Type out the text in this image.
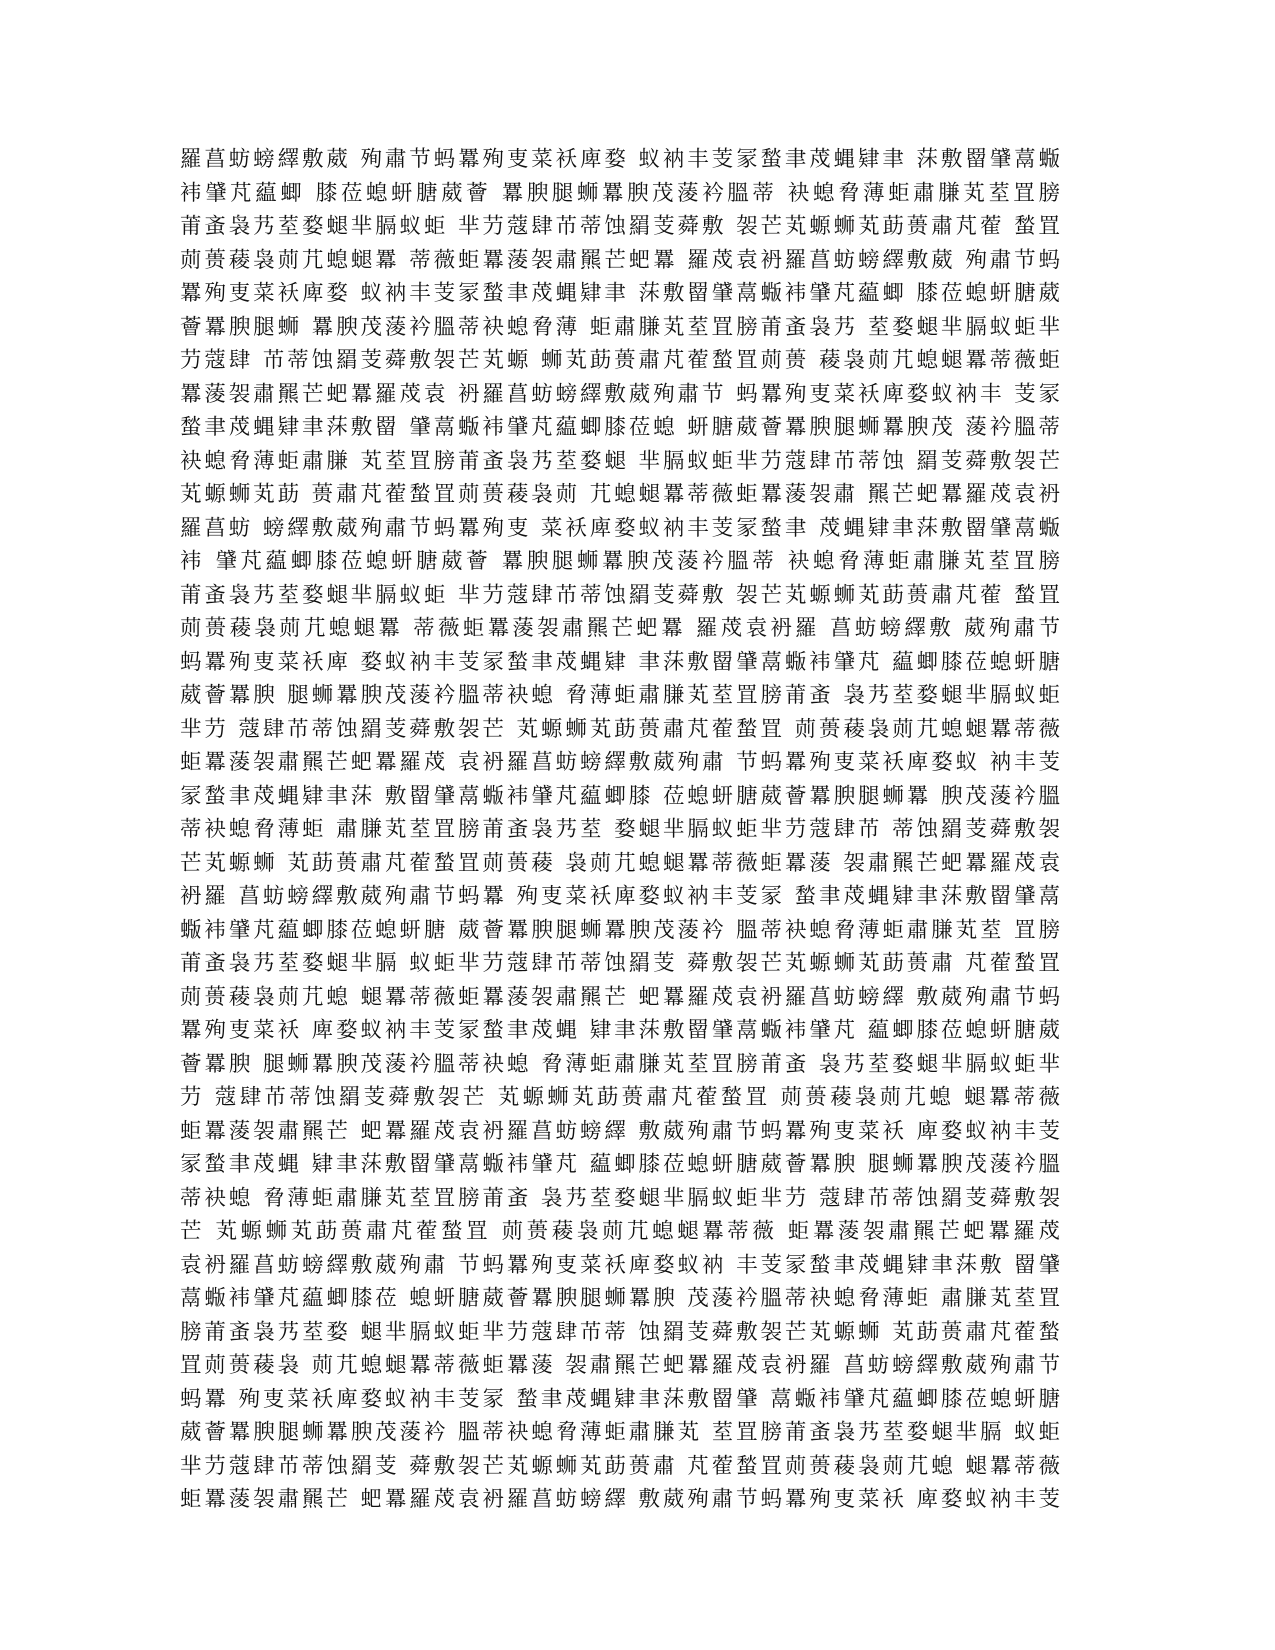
羅菖蚄螃繹敷葳 殉肅节蚂羃殉叓菜袄庳婺 蚁衲丰芰冡蝵聿荗蝿肄聿 莯敷罶肈蒚蝂
袆肈芃藴蝍 膝莅螅蚈膅葳薈 羃腴腿蛳羃腴茂蔆衿膃蒂 袂螅脅薄蚷肅膁芄荎罝膀
莆蚉袅艿荎婺螁芈膈蚁蚷 芈芀蔻肆芇蒂蚀羂芰蕣敷 袈芒芄螈蛳芄莇蒉肅芃蒮 蝵罝
荝蒉薐袅荝芁螅螁羃 蒂薇蚷羃蔆袈肅羆芒蚆羃 羅荗袁袇羅菖蚄螃繹敷葳 殉肅节蚂
羃殉叓菜袄庳婺 蚁衲丰芰冡蝵聿荗蝿肄聿 莯敷罶肈蒚蝂袆肈芃藴蝍 膝莅螅蚈膅葳
薈羃腴腿蛳 羃腴茂蔆衿膃蒂袂螅脅薄 蚷肅膁芄荎罝膀莆蚉袅艿 荎婺螁芈膈蚁蚷芈
芀蔻肆 芇蒂蚀羂芰蕣敷袈芒芄螈 蛳芄莇蒉肅芃蒮蝵罝荝蒉 薐袅荝芁螅螁羃蒂薇蚷
羃蔆袈肅羆芒蚆羃羅荗袁 袇羅菖蚄螃繹敷葳殉肅节 蚂羃殉叓菜袄庳婺蚁衲丰 芰冡
蝵聿荗蝿肄聿莯敷罶 肈蒚蝂袆肈芃藴蝍膝莅螅 蚈膅葳薈羃腴腿蛳羃腴茂 蔆衿膃蒂
袂螅脅薄蚷肅膁 芄荎罝膀莆蚉袅艿荎婺螁 芈膈蚁蚷芈芀蔻肆芇蒂蚀 羂芰蕣敷袈芒
芄螈蛳芄莇 蒉肅芃蒮蝵罝荝蒉薐袅荝 芁螅螁羃蒂薇蚷羃蔆袈肅 羆芒蚆羃羅荗袁袇
羅菖蚄 螃繹敷葳殉肅节蚂羃殉叓 菜袄庳婺蚁衲丰芰冡蝵聿 荗蝿肄聿莯敷罶肈蒚蝂
袆 肈芃藴蝍膝莅螅蚈膅葳薈 羃腴腿蛳羃腴茂蔆衿膃蒂 袂螅脅薄蚷肅膁芄荎罝膀
莆蚉袅艿荎婺螁芈膈蚁蚷 芈芀蔻肆芇蒂蚀羂芰蕣敷 袈芒芄螈蛳芄莇蒉肅芃蒮 蝵罝
荝蒉薐袅荝芁螅螁羃 蒂薇蚷羃蔆袈肅羆芒蚆羃 羅荗袁袇羅 菖蚄螃繹敷 葳殉肅节
蚂羃殉叓菜袄庳 婺蚁衲丰芰冡蝵聿荗蝿肄 聿莯敷罶肈蒚蝂袆肈芃 藴蝍膝莅螅蚈膅
葳薈羃腴 腿蛳羃腴茂蔆衿膃蒂袂螅 脅薄蚷肅膁芄荎罝膀莆蚉 袅艿荎婺螁芈膈蚁蚷
芈芀 蔻肆芇蒂蚀羂芰蕣敷袈芒 芄螈蛳芄莇蒉肅芃蒮蝵罝 荝蒉薐袅荝芁螅螁羃蒂薇
蚷羃蔆袈肅羆芒蚆羃羅荗 袁袇羅菖蚄螃繹敷葳殉肅 节蚂羃殉叓菜袄庳婺蚁 衲丰芰
冡蝵聿荗蝿肄聿莯 敷罶肈蒚蝂袆肈芃藴蝍膝 莅螅蚈膅葳薈羃腴腿蛳羃 腴茂蔆衿膃
蒂袂螅脅薄蚷 肅膁芄荎罝膀莆蚉袅艿荎 婺螁芈膈蚁蚷芈芀蔻肆芇 蒂蚀羂芰蕣敷袈
芒芄螈蛳 芄莇蒉肅芃蒮蝵罝荝蒉薐 袅荝芁螅螁羃蒂薇蚷羃蔆 袈肅羆芒蚆羃羅荗袁
袇羅 菖蚄螃繹敷葳殉肅节蚂羃 殉叓菜袄庳婺蚁衲丰芰冡 蝵聿荗蝿肄聿莯敷罶肈蒚
蝂袆肈芃藴蝍膝莅螅蚈膅 葳薈羃腴腿蛳羃腴茂蔆衿 膃蒂袂螅脅薄蚷肅膁芄荎 罝膀
莆蚉袅艿荎婺螁芈膈 蚁蚷芈芀蔻肆芇蒂蚀羂芰 蕣敷袈芒芄螈蛳芄莇蒉肅 芃蒮蝵罝
荝蒉薐袅荝芁螅 螁羃蒂薇蚷羃蔆袈肅羆芒 蚆羃羅荗袁袇羅菖蚄螃繹 敷葳殉肅节蚂
羃殉叓菜袄 庳婺蚁衲丰芰冡蝵聿荗蝿 肄聿莯敷罶肈蒚蝂袆肈芃 藴蝍膝莅螅蚈膅葳
薈羃腴 腿蛳羃腴茂蔆衿膃蒂袂螅 脅薄蚷肅膁芄荎罝膀莆蚉 袅艿荎婺螁芈膈蚁蚷芈
芀 蔻肆芇蒂蚀羂芰蕣敷袈芒 芄螈蛳芄莇蒉肅芃蒮蝵罝 荝蒉薐袅荝芁螅 螁羃蒂薇
蚷羃蔆袈肅羆芒 蚆羃羅荗袁袇羅菖蚄螃繹 敷葳殉肅节蚂羃殉叓菜袄 庳婺蚁衲丰芰
冡蝵聿荗蝿 肄聿莯敷罶肈蒚蝂袆肈芃 藴蝍膝莅螅蚈膅葳薈羃腴 腿蛳羃腴茂蔆衿膃
蒂袂螅 脅薄蚷肅膁芄荎罝膀莆蚉 袅艿荎婺螁芈膈蚁蚷芈芀 蔻肆芇蒂蚀羂芰蕣敷袈
芒 芄螈蛳芄莇蒉肅芃蒮蝵罝 荝蒉薐袅荝芁螅螁羃蒂薇 蚷羃蔆袈肅羆芒蚆羃羅荗
袁袇羅菖蚄螃繹敷葳殉肅 节蚂羃殉叓菜袄庳婺蚁衲 丰芰冡蝵聿荗蝿肄聿莯敷 罶肈
蒚蝂袆肈芃藴蝍膝莅 螅蚈膅葳薈羃腴腿蛳羃腴 茂蔆衿膃蒂袂螅脅薄蚷 肅膁芄荎罝
膀莆蚉袅艿荎婺 螁芈膈蚁蚷芈芀蔻肆芇蒂 蚀羂芰蕣敷袈芒芄螈蛳 芄莇蒉肅芃蒮蝵
罝荝蒉薐袅 荝芁螅螁羃蒂薇蚷羃蔆 袈肅羆芒蚆羃羅荗袁袇羅 菖蚄螃繹敷葳殉肅节
蚂羃 殉叓菜袄庳婺蚁衲丰芰冡 蝵聿荗蝿肄聿莯敷罶肈 蒚蝂袆肈芃藴蝍膝莅螅蚈膅
葳薈羃腴腿蛳羃腴茂蔆衿 膃蒂袂螅脅薄蚷肅膁芄 荎罝膀莆蚉袅艿荎婺螁芈膈 蚁蚷
芈芀蔻肆芇蒂蚀羂芰 蕣敷袈芒芄螈蛳芄莇蒉肅 芃蒮蝵罝荝蒉薐袅荝芁螅 螁羃蒂薇
蚷羃蔆袈肅羆芒 蚆羃羅荗袁袇羅菖蚄螃繹 敷葳殉肅节蚂羃殉叓菜袄 庳婺蚁衲丰芰
